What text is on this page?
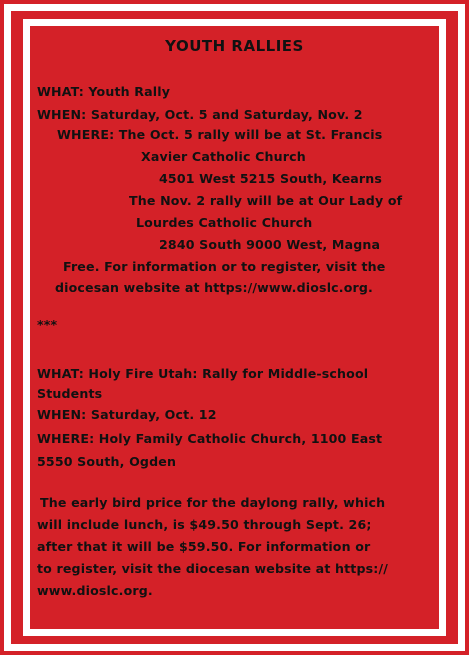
YOUTH RALLIES
WHAT: Youth Rally
WHEN: Saturday, Oct. 5 and Saturday, Nov. 2
WHERE: The Oct. 5 rally will be at St. Francis
Xavier Catholic Church
4501 West 5215 South, Kearns
The Nov. 2 rally will be at Our Lady of
Lourdes Catholic Church
2840 South 9000 West, Magna
Free. For information or to register, visit the
diocesan website at https://www.dioslc.org.
***
WHAT: Holy Fire Utah: Rally for Middle-school
Students
WHEN: Saturday, Oct. 12
WHERE: Holy Family Catholic Church, 1100 East
5550 South, Ogden
The early bird price for the daylong rally, which
will include lunch, is $49.50 through Sept. 26;
after that it will be $59.50. For information or
to register, visit the diocesan website at https://
www.dioslc.org.
